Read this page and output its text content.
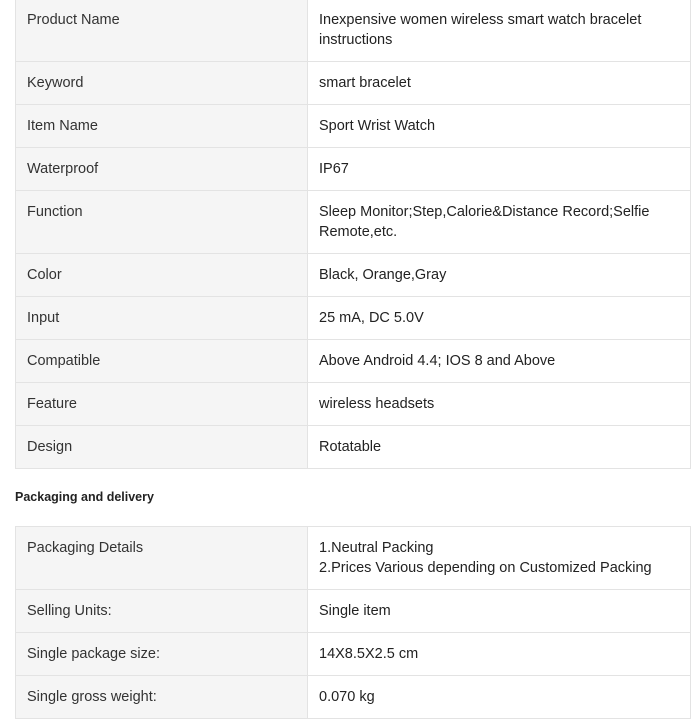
Product Name	Inexpensive women wireless smart watch bracelet instructions
Keyword	smart bracelet
Item Name	Sport Wrist Watch
Waterproof	IP67
Function	Sleep Monitor;Step,Calorie&Distance Record;Selfie Remote,etc.
Color	Black, Orange,Gray
Input	25 mA, DC 5.0V
Compatible	Above Android 4.4; IOS 8 and Above
Feature	wireless headsets
Design	Rotatable
Packaging and delivery
Packaging Details	1.Neutral Packing
2.Prices Various depending on Customized Packing
Selling Units:	Single item
Single package size:	14X8.5X2.5 cm
Single gross weight:	0.070 kg
